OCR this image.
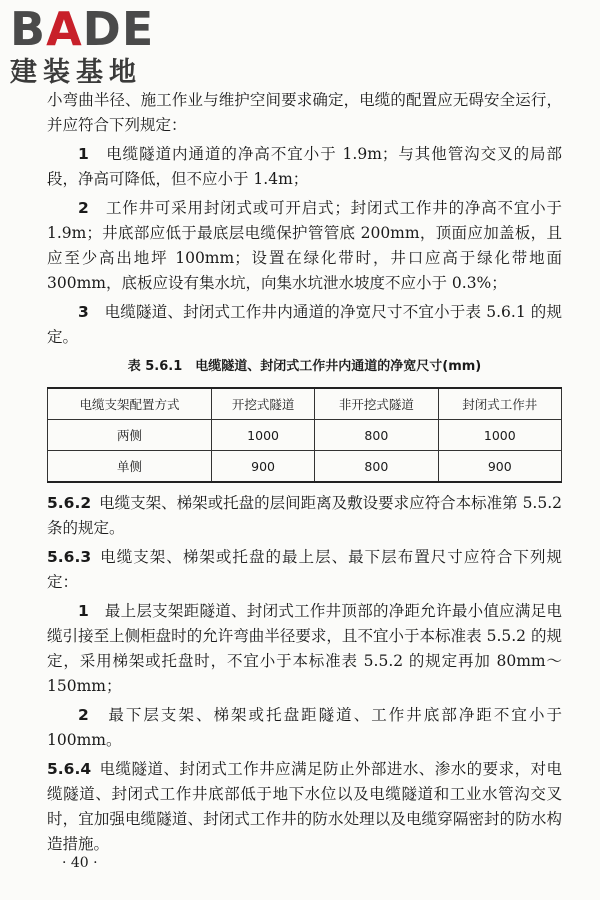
BADE
建装基地

小弯曲半径、施工作业与维护空间要求确定，电缆的配置应无碍安全运行，并应符合下列规定：

1　 电缆隧道内通道的净高不宜小于 1.9m；与其他管沟交叉的局部段，净高可降低，但不应小于 1.4m；

2　 工作井可采用封闭式或可开启式；封闭式工作井的净高不宜小于 1.9m；井底部应低于最底层电缆保护管管底 200mm，顶面应加盖板，且应至少高出地坪 100mm；设置在绿化带时，井口应高于绿化带地面 300mm，底板应设有集水坑，向集水坑泄水坡度不应小于 0.3%；

3　 电缆隧道、封闭式工作井内通道的净宽尺寸不宜小于表 5.6.1 的规定。

表 5.6.1　电缆隧道、封闭式工作井内通道的净宽尺寸(mm)
电缆支架配置方式	开挖式隧道	非开挖式隧道	封闭式工作井
两侧	1000	800	1000
单侧	900	800	900

5.6.2 电缆支架、梯架或托盘的层间距离及敷设要求应符合本标准第 5.5.2 条的规定。

5.6.3 电缆支架、梯架或托盘的最上层、最下层布置尺寸应符合下列规定：

1　 最上层支架距隧道、封闭式工作井顶部的净距允许最小值应满足电缆引接至上侧柜盘时的允许弯曲半径要求，且不宜小于本标准表 5.5.2 的规定，采用梯架或托盘时，不宜小于本标准表 5.5.2 的规定再加 80mm～150mm；

2　 最下层支架、梯架或托盘距隧道、工作井底部净距不宜小于 100mm。

5.6.4 电缆隧道、封闭式工作井应满足防止外部进水、渗水的要求，对电缆隧道、封闭式工作井底部低于地下水位以及电缆隧道和工业水管沟交叉时，宜加强电缆隧道、封闭式工作井的防水处理以及电缆穿隔密封的防水构造措施。

· 40 ·
